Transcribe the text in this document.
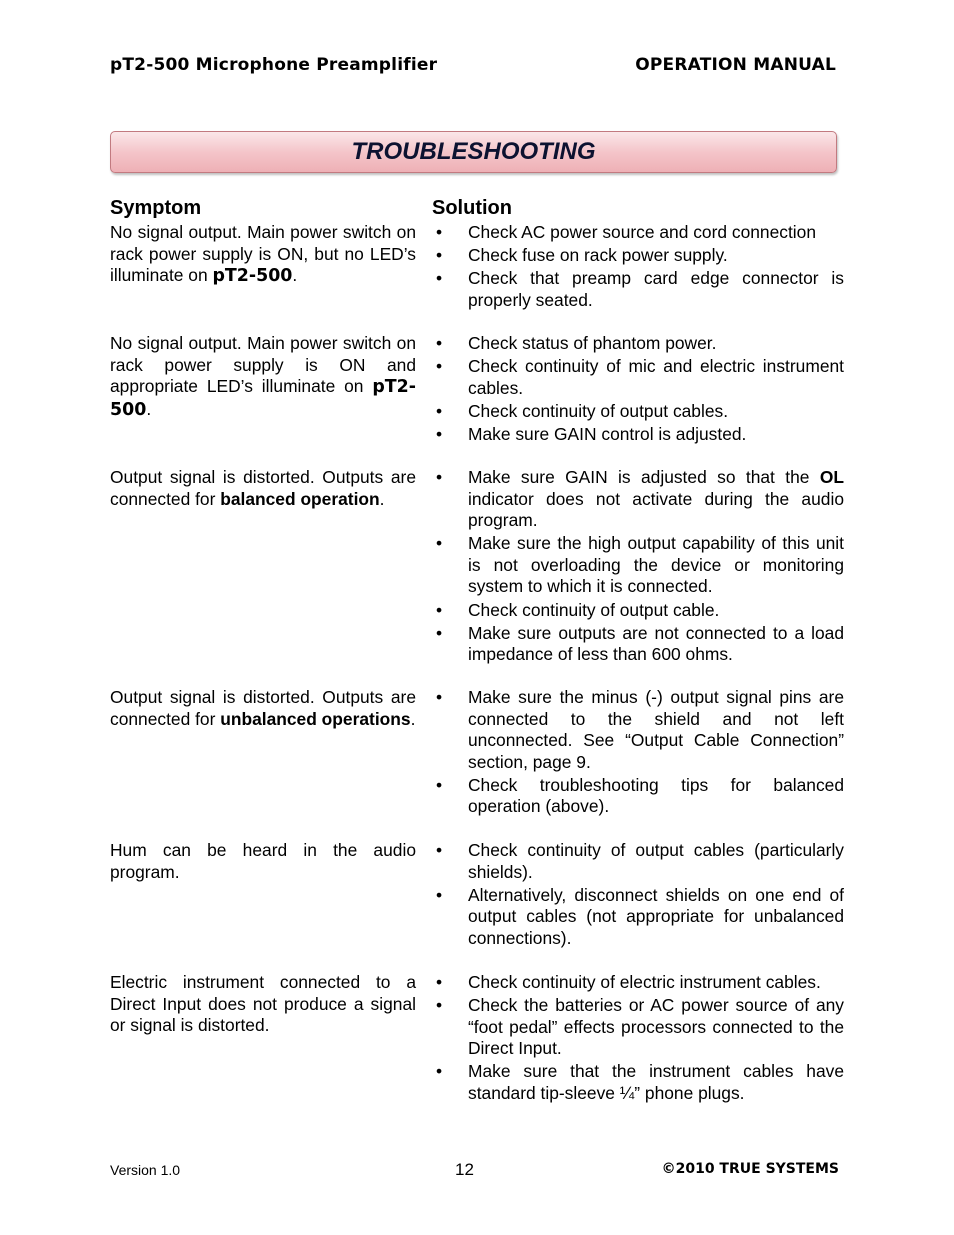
pT2-500 Microphone Preamplifier	OPERATION MANUAL
TROUBLESHOOTING
Symptom	Solution
No signal output. Main power switch on rack power supply is ON, but no LED’s illuminate on pT2-500.
• Check AC power source and cord connection
• Check fuse on rack power supply.
• Check that preamp card edge connector is properly seated.
No signal output. Main power switch on rack power supply is ON and appropriate LED’s illuminate on pT2-500.
• Check status of phantom power.
• Check continuity of mic and electric instrument cables.
• Check continuity of output cables.
• Make sure GAIN control is adjusted.
Output signal is distorted. Outputs are connected for balanced operation.
• Make sure GAIN is adjusted so that the OL indicator does not activate during the audio program.
• Make sure the high output capability of this unit is not overloading the device or monitoring system to which it is connected.
• Check continuity of output cable.
• Make sure outputs are not connected to a load impedance of less than 600 ohms.
Output signal is distorted. Outputs are connected for unbalanced operations.
• Make sure the minus (-) output signal pins are connected to the shield and not left unconnected. See “Output Cable Connection” section, page 9.
• Check troubleshooting tips for balanced operation (above).
Hum can be heard in the audio program.
• Check continuity of output cables (particularly shields).
• Alternatively, disconnect shields on one end of output cables (not appropriate for unbalanced connections).
Electric instrument connected to a Direct Input does not produce a signal or signal is distorted.
• Check continuity of electric instrument cables.
• Check the batteries or AC power source of any “foot pedal” effects processors connected to the Direct Input.
• Make sure that the instrument cables have standard tip-sleeve ¼” phone plugs.
Version 1.0	12	©2010 TRUE SYSTEMS
